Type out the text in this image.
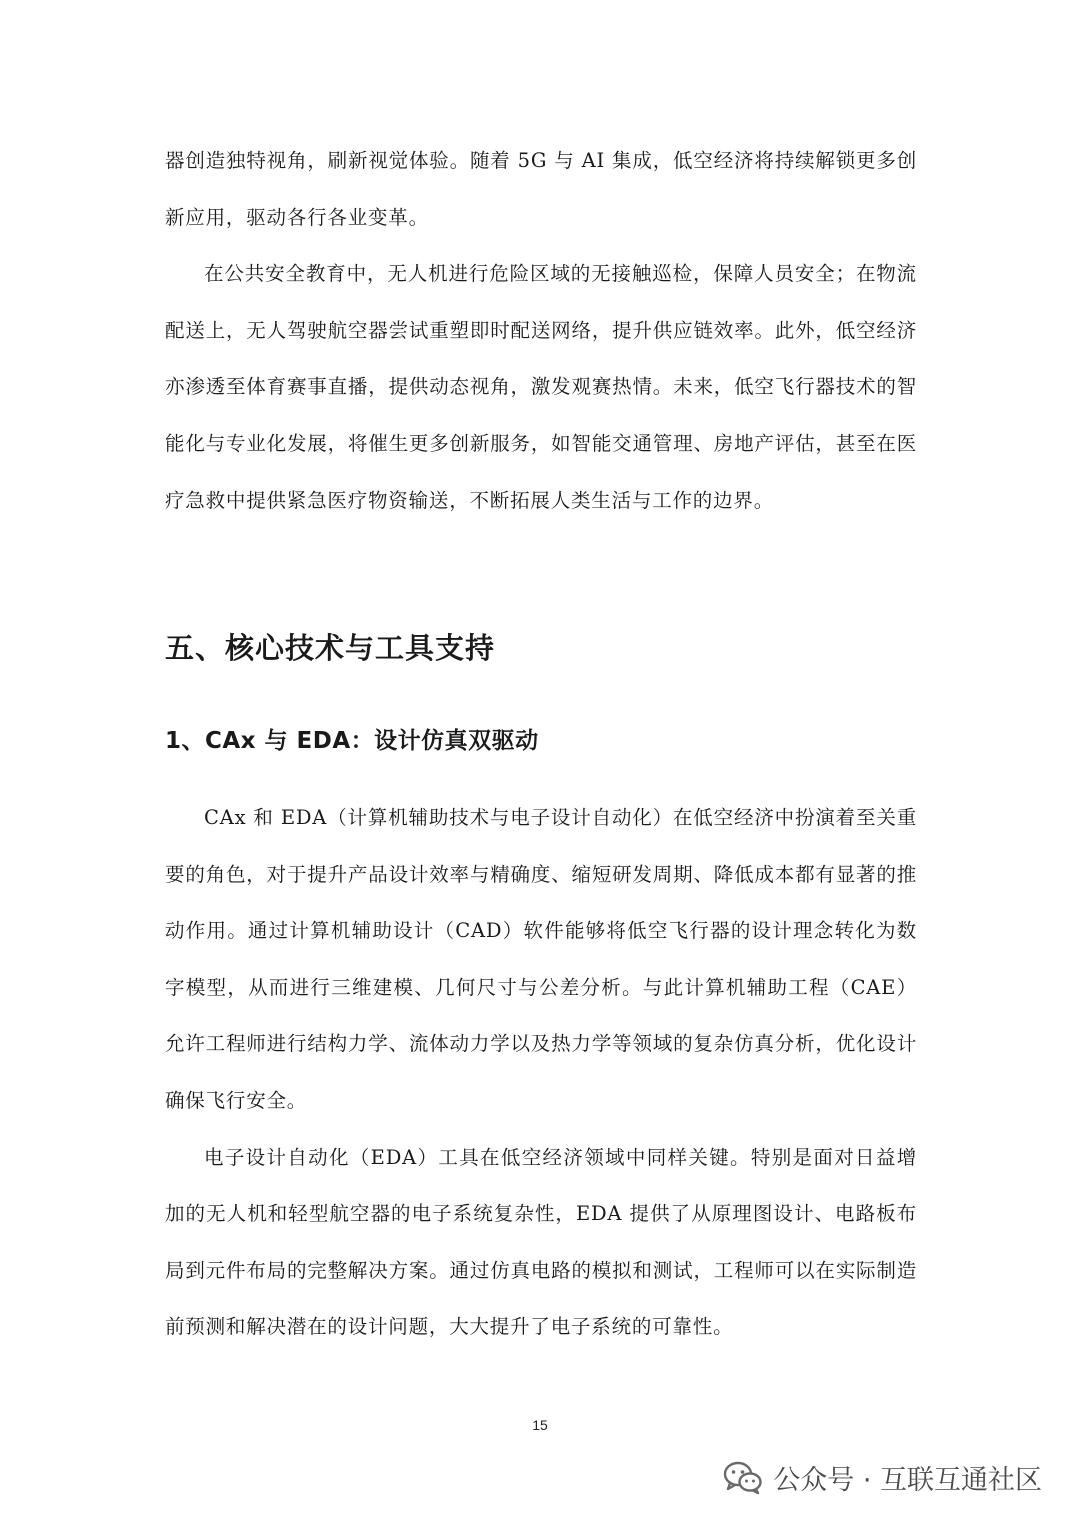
器创造独特视角，刷新视觉体验。随着 5G 与 AI 集成，低空经济将持续解锁更多创新应用，驱动各行各业变革。

在公共安全教育中，无人机进行危险区域的无接触巡检，保障人员安全；在物流配送上，无人驾驶航空器尝试重塑即时配送网络，提升供应链效率。此外，低空经济亦渗透至体育赛事直播，提供动态视角，激发观赛热情。未来，低空飞行器技术的智能化与专业化发展，将催生更多创新服务，如智能交通管理、房地产评估，甚至在医疗急救中提供紧急医疗物资输送，不断拓展人类生活与工作的边界。

五、核心技术与工具支持
1、CAx 与 EDA：设计仿真双驱动

CAx 和 EDA（计算机辅助技术与电子设计自动化）在低空经济中扮演着至关重要的角色，对于提升产品设计效率与精确度、缩短研发周期、降低成本都有显著的推动作用。通过计算机辅助设计（CAD）软件能够将低空飞行器的设计理念转化为数字模型，从而进行三维建模、几何尺寸与公差分析。与此计算机辅助工程（CAE）允许工程师进行结构力学、流体动力学以及热力学等领域的复杂仿真分析，优化设计确保飞行安全。

电子设计自动化（EDA）工具在低空经济领域中同样关键。特别是面对日益增加的无人机和轻型航空器的电子系统复杂性，EDA 提供了从原理图设计、电路板布局到元件布局的完整解决方案。通过仿真电路的模拟和测试，工程师可以在实际制造前预测和解决潜在的设计问题，大大提升了电子系统的可靠性。

15
公众号 · 互联互通社区
